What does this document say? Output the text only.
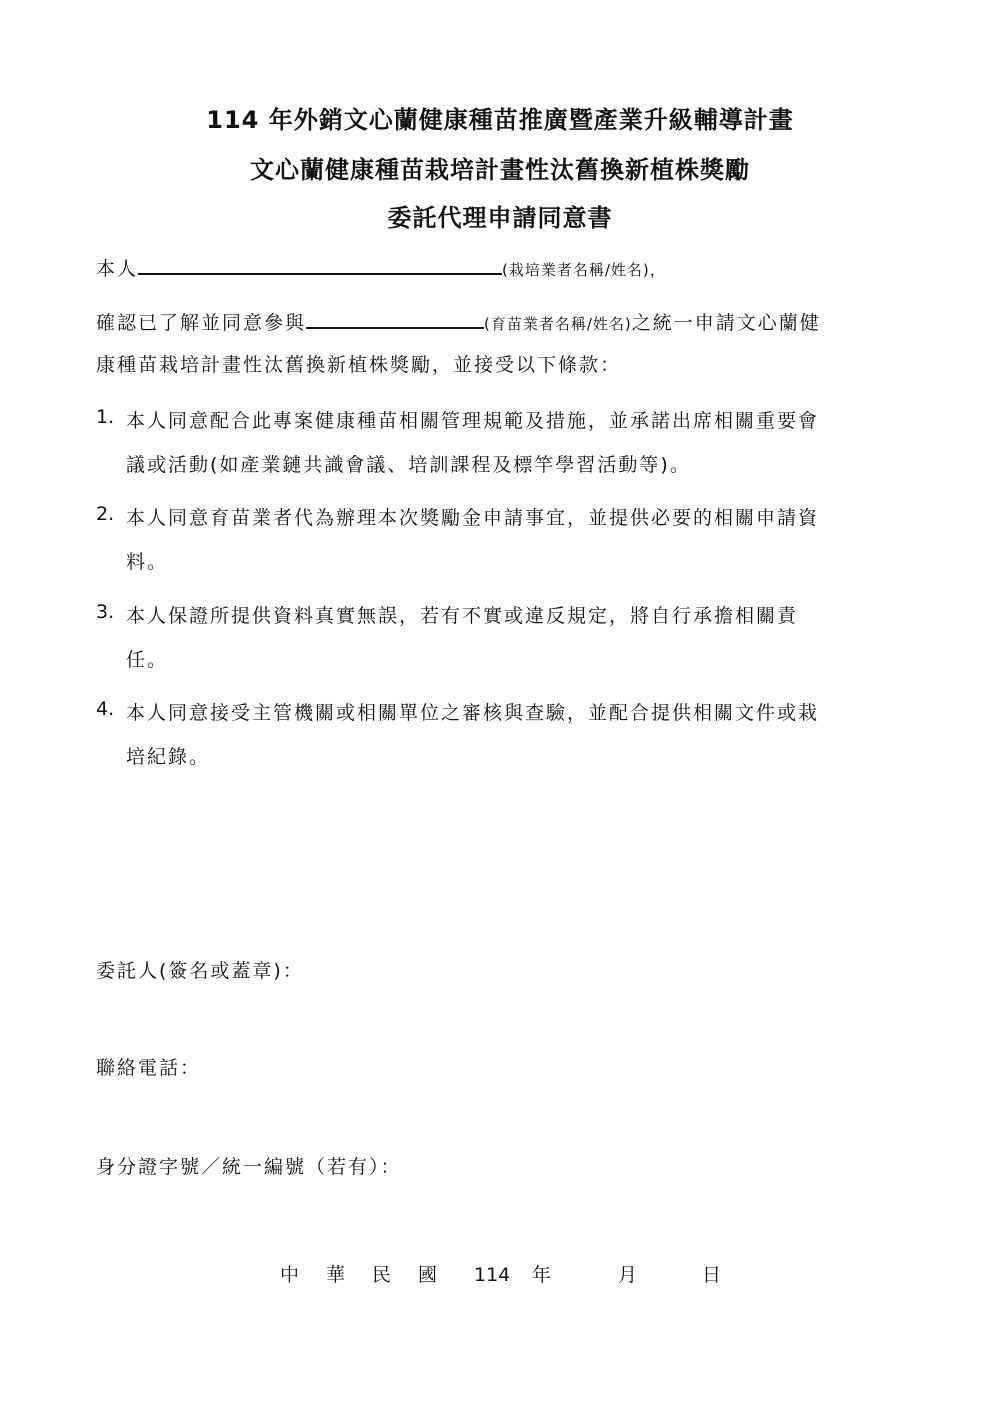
114 年外銷文心蘭健康種苗推廣暨產業升級輔導計畫
文心蘭健康種苗栽培計畫性汰舊換新植株獎勵
委託代理申請同意書
本人	(栽培業者名稱/姓名)，
確認已了解並同意參與	(育苗業者名稱/姓名)之統一申請文心蘭健
康種苗栽培計畫性汰舊換新植株獎勵，並接受以下條款：
1. 本人同意配合此專案健康種苗相關管理規範及措施，並承諾出席相關重要會
議或活動(如產業鏈共識會議、培訓課程及標竿學習活動等)。
2. 本人同意育苗業者代為辦理本次獎勵金申請事宜，並提供必要的相關申請資
料。
3. 本人保證所提供資料真實無誤，若有不實或違反規定，將自行承擔相關責
任。
4. 本人同意接受主管機關或相關單位之審核與查驗，並配合提供相關文件或栽
培紀錄。
委託人(簽名或蓋章)：
聯絡電話：
身分證字號／統一編號（若有）：
中 華 民 國 114 年	月	日
